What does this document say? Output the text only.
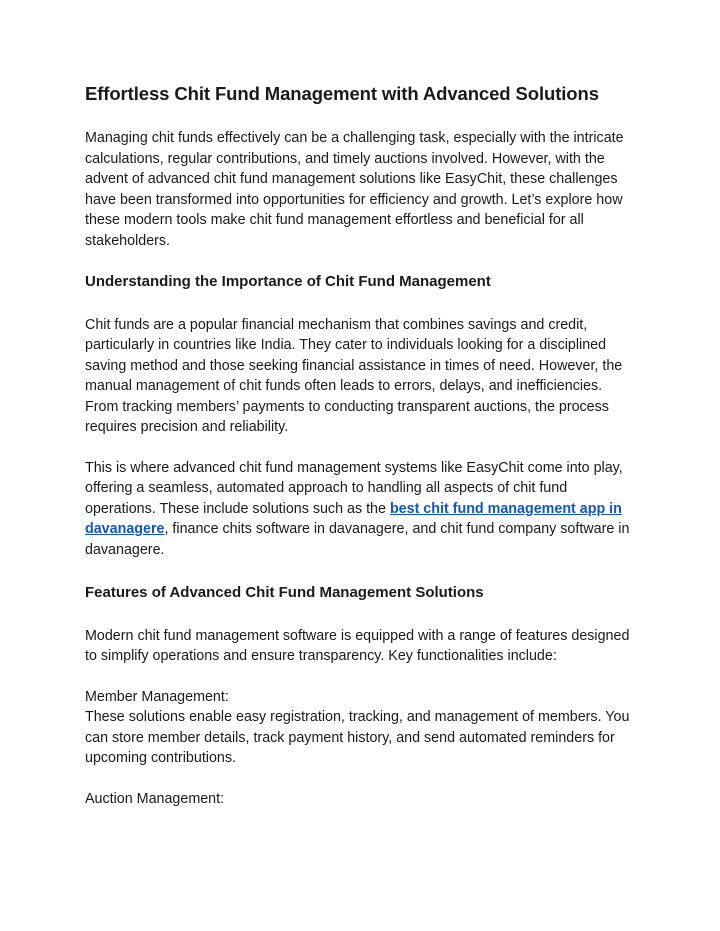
Effortless Chit Fund Management with Advanced Solutions

Managing chit funds effectively can be a challenging task, especially with the intricate calculations, regular contributions, and timely auctions involved. However, with the advent of advanced chit fund management solutions like EasyChit, these challenges have been transformed into opportunities for efficiency and growth. Let’s explore how these modern tools make chit fund management effortless and beneficial for all stakeholders.

Understanding the Importance of Chit Fund Management

Chit funds are a popular financial mechanism that combines savings and credit, particularly in countries like India. They cater to individuals looking for a disciplined saving method and those seeking financial assistance in times of need. However, the manual management of chit funds often leads to errors, delays, and inefficiencies. From tracking members’ payments to conducting transparent auctions, the process requires precision and reliability.

This is where advanced chit fund management systems like EasyChit come into play, offering a seamless, automated approach to handling all aspects of chit fund operations. These include solutions such as the best chit fund management app in davanagere, finance chits software in davanagere, and chit fund company software in davanagere.

Features of Advanced Chit Fund Management Solutions

Modern chit fund management software is equipped with a range of features designed to simplify operations and ensure transparency. Key functionalities include:

Member Management:
These solutions enable easy registration, tracking, and management of members. You can store member details, track payment history, and send automated reminders for upcoming contributions.

Auction Management:
